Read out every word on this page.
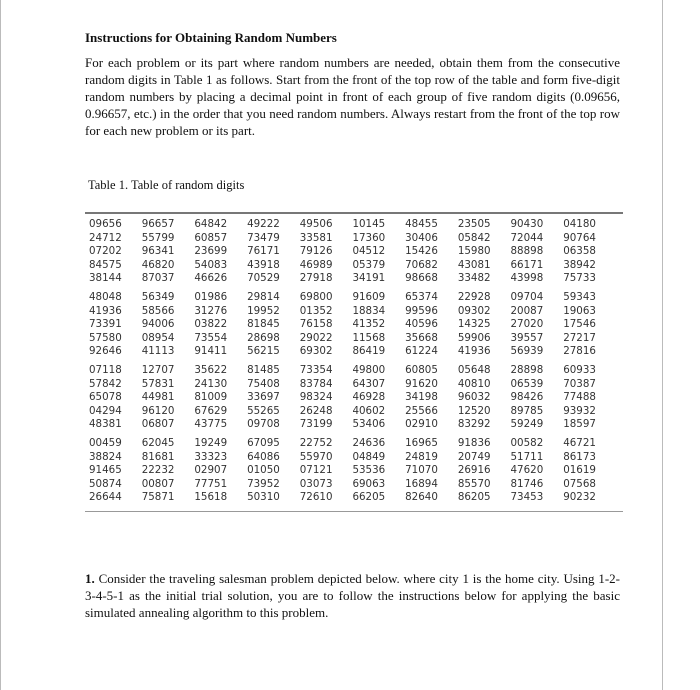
Instructions for Obtaining Random Numbers
For each problem or its part where random numbers are needed, obtain them from the consecutive random digits in Table 1 as follows. Start from the front of the top row of the table and form five-digit random numbers by placing a decimal point in front of each group of five random digits (0.09656, 0.96657, etc.) in the order that you need random numbers. Always restart from the front of the top row for each new problem or its part.
Table 1. Table of random digits
09656	96657	64842	49222	49506	10145	48455	23505	90430	04180
24712	55799	60857	73479	33581	17360	30406	05842	72044	90764
07202	96341	23699	76171	79126	04512	15426	15980	88898	06358
84575	46820	54083	43918	46989	05379	70682	43081	66171	38942
38144	87037	46626	70529	27918	34191	98668	33482	43998	75733
48048	56349	01986	29814	69800	91609	65374	22928	09704	59343
41936	58566	31276	19952	01352	18834	99596	09302	20087	19063
73391	94006	03822	81845	76158	41352	40596	14325	27020	17546
57580	08954	73554	28698	29022	11568	35668	59906	39557	27217
92646	41113	91411	56215	69302	86419	61224	41936	56939	27816
07118	12707	35622	81485	73354	49800	60805	05648	28898	60933
57842	57831	24130	75408	83784	64307	91620	40810	06539	70387
65078	44981	81009	33697	98324	46928	34198	96032	98426	77488
04294	96120	67629	55265	26248	40602	25566	12520	89785	93932
48381	06807	43775	09708	73199	53406	02910	83292	59249	18597
00459	62045	19249	67095	22752	24636	16965	91836	00582	46721
38824	81681	33323	64086	55970	04849	24819	20749	51711	86173
91465	22232	02907	01050	07121	53536	71070	26916	47620	01619
50874	00807	77751	73952	03073	69063	16894	85570	81746	07568
26644	75871	15618	50310	72610	66205	82640	86205	73453	90232
1. Consider the traveling salesman problem depicted below. where city 1 is the home city. Using 1-2-3-4-5-1 as the initial trial solution, you are to follow the instructions below for applying the basic simulated annealing algorithm to this problem.
